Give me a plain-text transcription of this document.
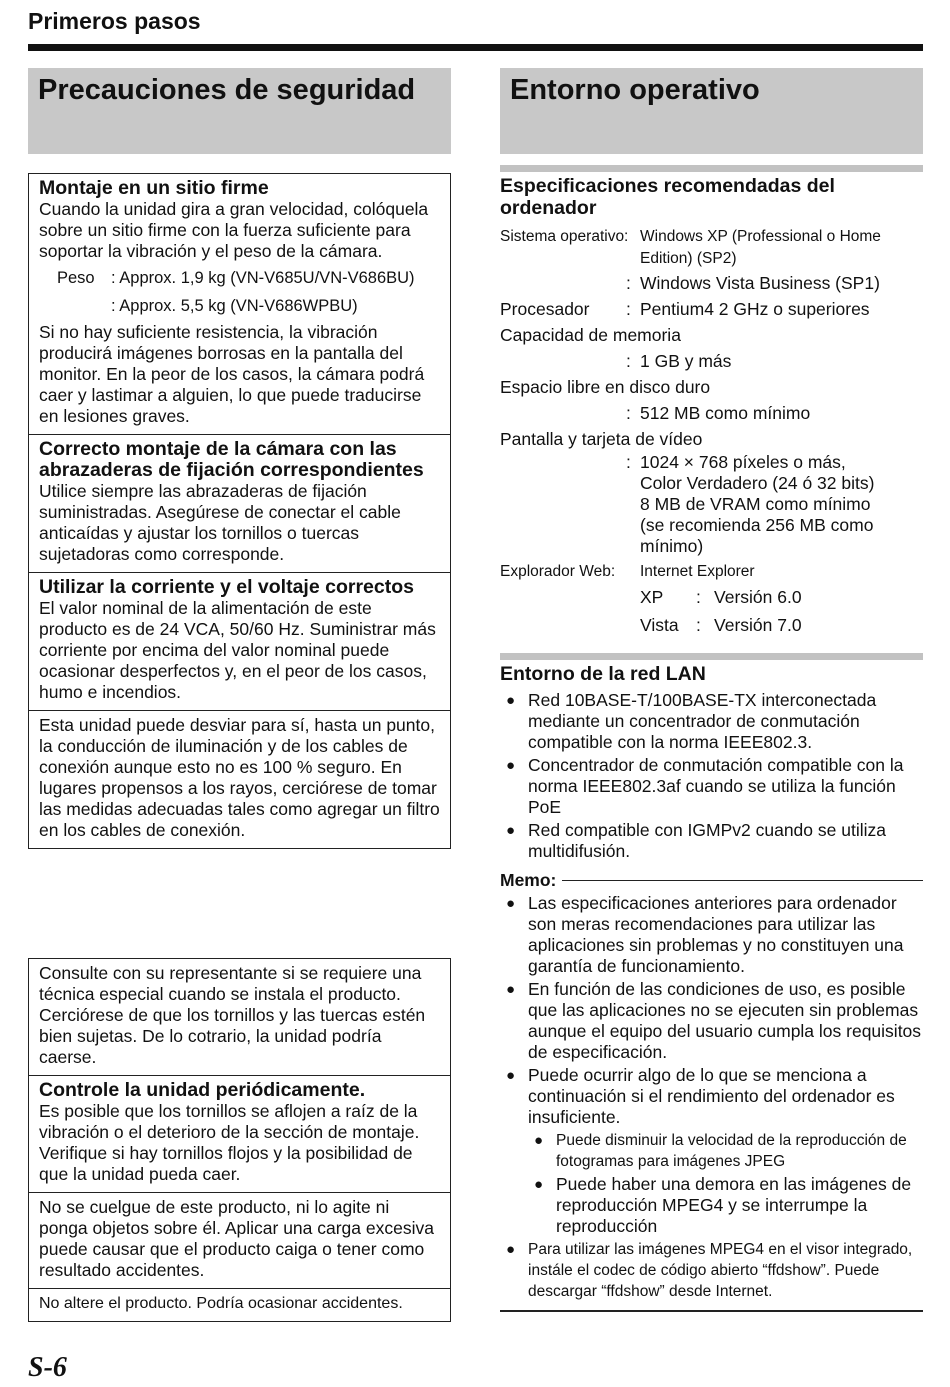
Primeros pasos
Precauciones de seguridad	Entorno operativo
Montaje en un sitio firme

Cuando la unidad gira a gran velocidad, colóquela sobre un sitio firme con la fuerza suficiente para soportar la vibración y el peso de la cámara.

Peso : Approx. 1,9 kg (VN-V685U/VN-V686BU)
: Approx. 5,5 kg (VN-V686WPBU)

Si no hay suficiente resistencia, la vibración producirá imágenes borrosas en la pantalla del monitor. En la peor de los casos, la cámara podrá caer y lastimar a alguien, lo que puede traducirse en lesiones graves.

Correcto montaje de la cámara con las abrazaderas de fijación correspondientes

Utilice siempre las abrazaderas de fijación suministradas. Asegúrese de conectar el cable anticaídas y ajustar los tornillos o tuercas sujetadoras como corresponde.

Utilizar la corriente y el voltaje correctos

El valor nominal de la alimentación de este producto es de 24 VCA, 50/60 Hz. Suministrar más corriente por encima del valor nominal puede ocasionar desperfectos y, en el peor de los casos, humo e incendios.

Esta unidad puede desviar para sí, hasta un punto, la conducción de iluminación y de los cables de conexión aunque esto no es 100 % seguro. En lugares propensos a los rayos, cerciórese de tomar las medidas adecuadas tales como agregar un filtro en los cables de conexión.

Consulte con su representante si se requiere una técnica especial cuando se instala el producto. Cerciórese de que los tornillos y las tuercas estén bien sujetas. De lo cotrario, la unidad podría caerse.

Controle la unidad periódicamente.

Es posible que los tornillos se aflojen a raíz de la vibración o el deterioro de la sección de montaje. Verifique si hay tornillos flojos y la posibilidad de que la unidad pueda caer.

No se cuelgue de este producto, ni lo agite ni ponga objetos sobre él. Aplicar una carga excesiva puede causar que el producto caiga o tener como resultado accidentes.

No altere el producto. Podría ocasionar accidentes.

Especificaciones recomendadas del ordenador
Sistema operativo: Windows XP (Professional o Home
Edition) (SP2)
: Windows Vista Business (SP1)
Procesador	: Pentium4 2 GHz o superiores
Capacidad de memoria
: 1 GB y más
Espacio libre en disco duro
: 512 MB como mínimo
Pantalla y tarjeta de vídeo
: 1024 × 768 píxeles o más,
Color Verdadero (24 ó 32 bits)
8 MB de VRAM como mínimo
(se recomienda 256 MB como
mínimo)
Explorador Web:	Internet Explorer
XP	: Versión 6.0
Vista : Versión 7.0
Entorno de la red LAN
● Red 10BASE-T/100BASE-TX interconectada mediante un concentrador de conmutación compatible con la norma IEEE802.3.
● Concentrador de conmutación compatible con la norma IEEE802.3af cuando se utiliza la función PoE
● Red compatible con IGMPv2 cuando se utiliza multidifusión.
Memo:
● Las especificaciones anteriores para ordenador son meras recomendaciones para utilizar las aplicaciones sin problemas y no constituyen una garantía de funcionamiento.
● En función de las condiciones de uso, es posible que las aplicaciones no se ejecuten sin problemas aunque el equipo del usuario cumpla los requisitos de especificación.
● Puede ocurrir algo de lo que se menciona a continuación si el rendimiento del ordenador es insuficiente.
● Puede disminuir la velocidad de la reproducción de fotogramas para imágenes JPEG
● Puede haber una demora en las imágenes de reproducción MPEG4 y se interrumpe la reproducción
● Para utilizar las imágenes MPEG4 en el visor integrado, instále el codec de código abierto “ffdshow”. Puede descargar “ffdshow” desde Internet.
S-6
